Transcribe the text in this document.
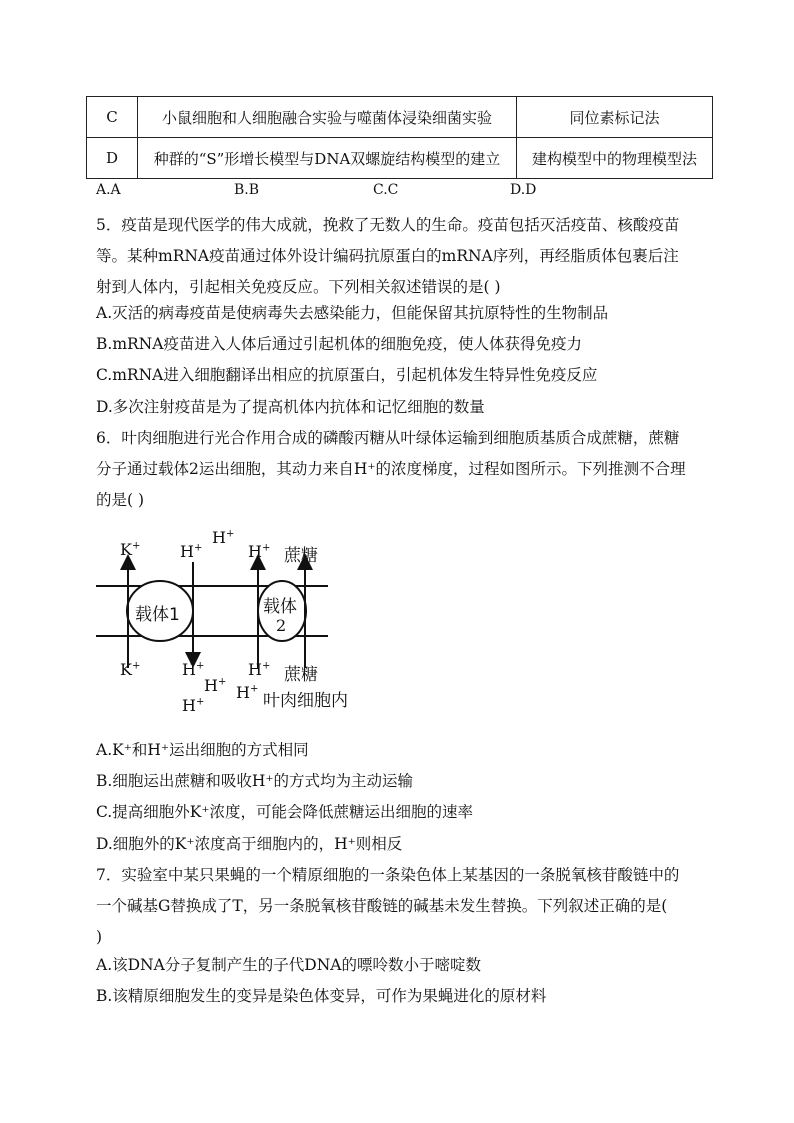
C	小鼠细胞和人细胞融合实验与噬菌体浸染细菌实验	同位素标记法
D	种群的“S”形增长模型与DNA双螺旋结构模型的建立	建构模型中的物理模型法
A.A	B.B	C.C	D.D
5．疫苗是现代医学的伟大成就，挽救了无数人的生命。疫苗包括灭活疫苗、核酸疫苗
等。某种mRNA疫苗通过体外设计编码抗原蛋白的mRNA序列，再经脂质体包裹后注
射到人体内，引起相关免疫反应。下列相关叙述错误的是( )
A.灭活的病毒疫苗是使病毒失去感染能力，但能保留其抗原特性的生物制品
B.mRNA疫苗进入人体后通过引起机体的细胞免疫，使人体获得免疫力
C.mRNA进入细胞翻译出相应的抗原蛋白，引起机体发生特异性免疫反应
D.多次注射疫苗是为了提高机体内抗体和记忆细胞的数量
6．叶肉细胞进行光合作用合成的磷酸丙糖从叶绿体运输到细胞质基质合成蔗糖，蔗糖
分子通过载体2运出细胞，其动力来自H⁺的浓度梯度，过程如图所示。下列推测不合理
的是( )
K+ H+
H+
H+ 蔗糖
载体1	载体
2
K+	H+
H+
H+
H+
H+
蔗糖
叶肉细胞内
A.K⁺和H⁺运出细胞的方式相同
B.细胞运出蔗糖和吸收H⁺的方式均为主动运输
C.提高细胞外K⁺浓度，可能会降低蔗糖运出细胞的速率
D.细胞外的K⁺浓度高于细胞内的，H⁺则相反
7．实验室中某只果蝇的一个精原细胞的一条染色体上某基因的一条脱氧核苷酸链中的
一个碱基G替换成了T，另一条脱氧核苷酸链的碱基未发生替换。下列叙述正确的是(
)
A.该DNA分子复制产生的子代DNA的嘌呤数小于嘧啶数
B.该精原细胞发生的变异是染色体变异，可作为果蝇进化的原材料
